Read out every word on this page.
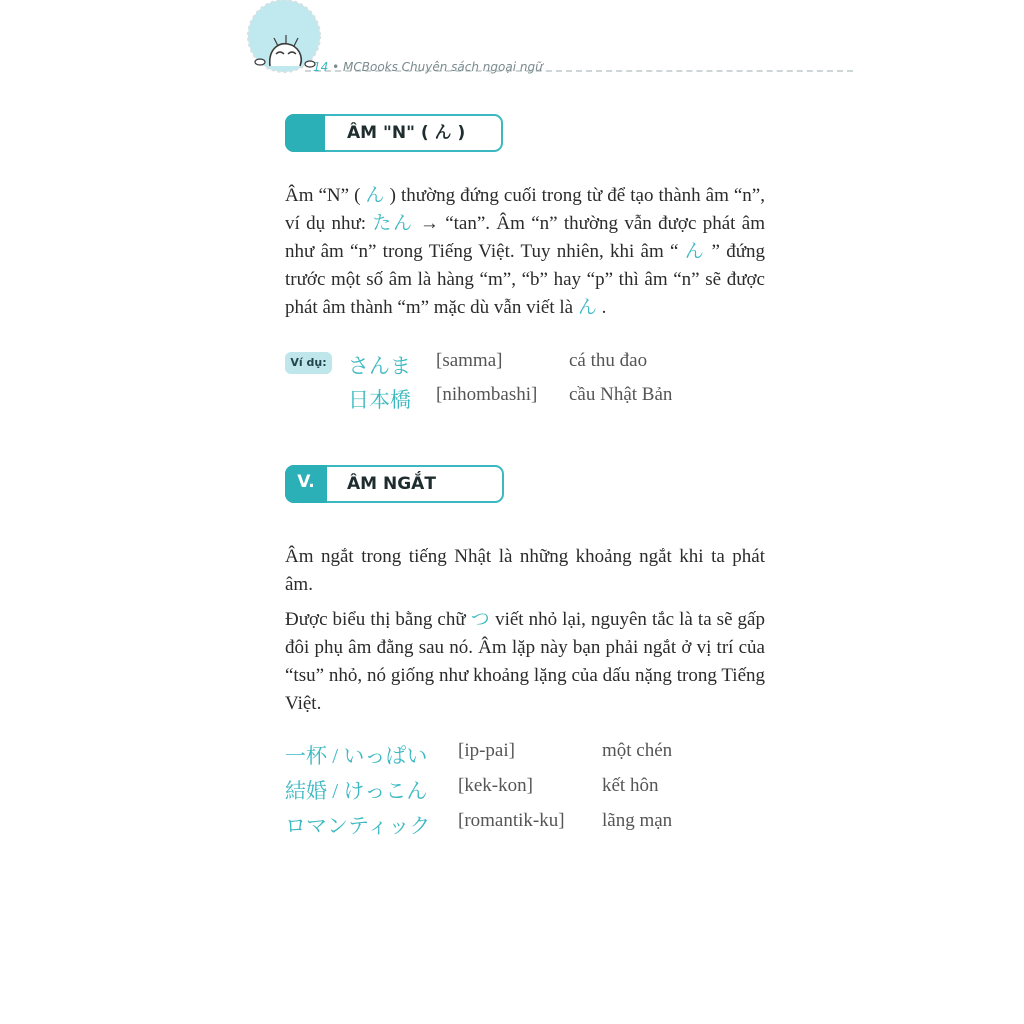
14 • MCBooks Chuyên sách ngoại ngữ
ÂM "N" ( ん )

Âm “N” ( ん ) thường đứng cuối trong từ để tạo thành âm “n”, ví dụ như: たん → “tan”. Âm “n” thường vẫn được phát âm như âm “n” trong Tiếng Việt. Tuy nhiên, khi âm “ ん ” đứng trước một số âm là hàng “m”, “b” hay “p” thì âm “n” sẽ được phát âm thành “m” mặc dù vẫn viết là ん .

Ví dụ: さんま [samma]	cá thu đao
日本橋 [nihombashi] cầu Nhật Bản
V.	ÂM NGẮT

Âm ngắt trong tiếng Nhật là những khoảng ngắt khi ta phát âm.

Được biểu thị bằng chữ つ viết nhỏ lại, nguyên tắc là ta sẽ gấp đôi phụ âm đằng sau nó. Âm lặp này bạn phải ngắt ở vị trí của “tsu” nhỏ, nó giống như khoảng lặng của dấu nặng trong Tiếng Việt.

一杯 / いっぱい [ip-pai]	một chén
結婚 / けっこん [kek-kon]	kết hôn
ロマンティック [romantik-ku] lãng mạn
